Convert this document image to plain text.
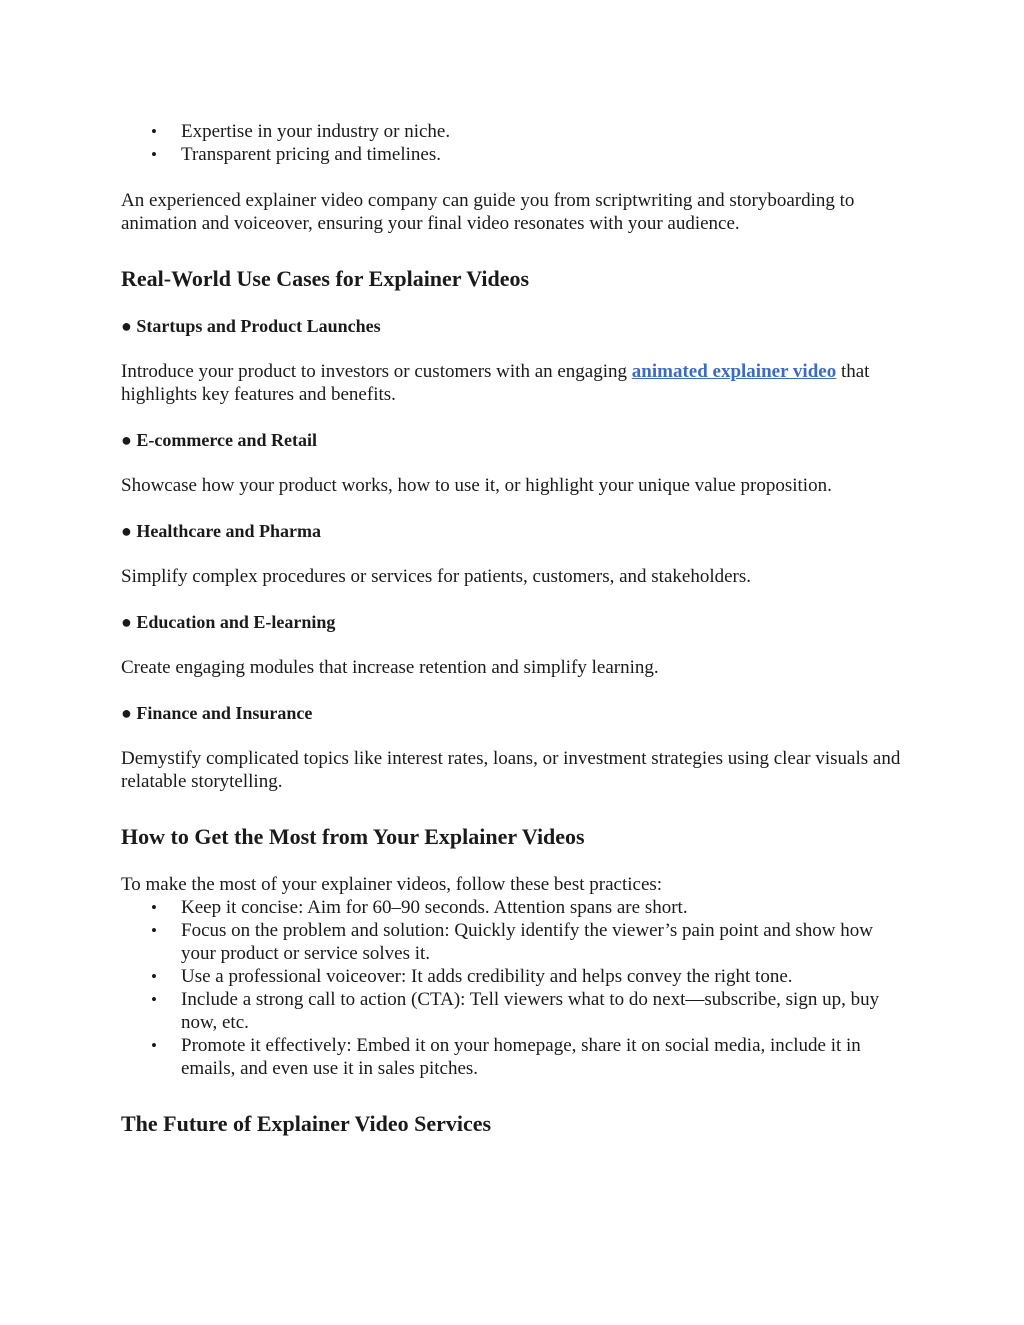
• Expertise in your industry or niche.
• Transparent pricing and timelines.

An experienced explainer video company can guide you from scriptwriting and storyboarding to animation and voiceover, ensuring your final video resonates with your audience.

Real-World Use Cases for Explainer Videos
● Startups and Product Launches

Introduce your product to investors or customers with an engaging animated explainer video that highlights key features and benefits.

● E-commerce and Retail

Showcase how your product works, how to use it, or highlight your unique value proposition.

● Healthcare and Pharma

Simplify complex procedures or services for patients, customers, and stakeholders.

● Education and E-learning

Create engaging modules that increase retention and simplify learning.

● Finance and Insurance

Demystify complicated topics like interest rates, loans, or investment strategies using clear visuals and relatable storytelling.

How to Get the Most from Your Explainer Videos

To make the most of your explainer videos, follow these best practices:

• Keep it concise: Aim for 60–90 seconds. Attention spans are short.
• Focus on the problem and solution: Quickly identify the viewer’s pain point and show how your product or service solves it.
• Use a professional voiceover: It adds credibility and helps convey the right tone.
• Include a strong call to action (CTA): Tell viewers what to do next—subscribe, sign up, buy now, etc.
• Promote it effectively: Embed it on your homepage, share it on social media, include it in emails, and even use it in sales pitches.
The Future of Explainer Video Services
